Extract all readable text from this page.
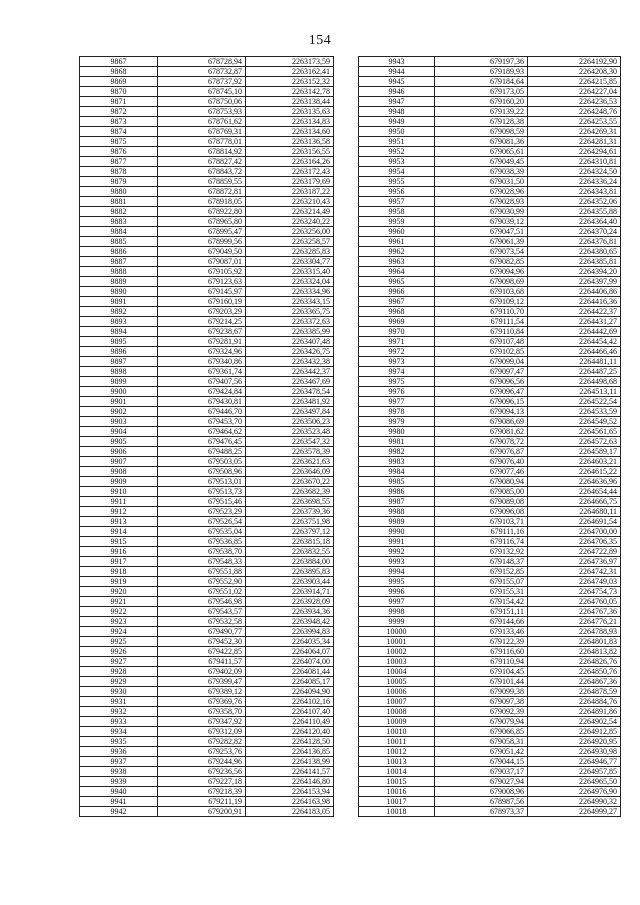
154
9867	678728,94	2263173,59
9868	678732,87	2263162,41
9869	678737,92	2263152,32
9870	678745,10	2263142,78
9871	678750,06	2263138,44
9872	678753,93	2263135,63
9873	678761,62	2263134,83
9874	678769,31	2263134,60
9875	678778,01	2263136,58
9876	678814,92	2263156,55
9877	678827,42	2263164,26
9878	678843,72	2263172,43
9879	678859,55	2263179,69
9880	678872,81	2263187,22
9881	678918,05	2263210,43
9882	678922,80	2263214,49
9883	678965,80	2263240,22
9884	678995,47	2263256,00
9885	678999,56	2263258,57
9886	679049,50	2263285,83
9887	679087,01	2263304,77
9888	679105,92	2263315,40
9889	679123,63	2263324,04
9890	679145,97	2263334,96
9891	679160,19	2263343,15
9892	679203,29	2263365,75
9893	679214,25	2263372,63
9894	679238,67	2263385,99
9895	679281,91	2263407,48
9896	679324,96	2263426,75
9897	679340,86	2263432,38
9898	679361,74	2263442,37
9899	679407,56	2263467,69
9900	679424,84	2263478,54
9901	679430,81	2263481,92
9902	679446,70	2263497,84
9903	679453,70	2263506,23
9904	679464,62	2263523,48
9905	679476,45	2263547,32
9906	679488,25	2263578,39
9907	679503,05	2263621,63
9908	679508,96	2263646,09
9909	679513,01	2263670,22
9910	679513,73	2263682,39
9911	679515,46	2263698,55
9912	679523,29	2263739,36
9913	679526,54	2263751,98
9914	679535,04	2263797,12
9915	679536,85	2263815,18
9916	679538,70	2263832,55
9917	679548,33	2263884,00
9918	679551,88	2263895,83
9919	679552,90	2263903,44
9920	679551,02	2263914,71
9921	679546,98	2263928,09
9922	679543,57	2263934,36
9923	679532,58	2263948,42
9924	679490,77	2263994,83
9925	679452,30	2264035,34
9926	679422,85	2264064,07
9927	679411,57	2264074,00
9928	679402,09	2264081,44
9929	679399,47	2264085,17
9930	679389,12	2264094,90
9931	679369,76	2264102,16
9932	679358,70	2264107,40
9933	679347,92	2264110,49
9934	679312,09	2264120,40
9935	679282,82	2264128,50
9936	679253,76	2264136,85
9937	679244,96	2264138,99
9938	679236,56	2264141,57
9939	679227,18	2264146,80
9940	679218,39	2264153,94
9941	679211,19	2264163,98
9942	679200,91	2264183,05
9943	679197,36	2264192,90
9944	679189,93	2264208,30
9945	679184,64	2264215,85
9946	679173,05	2264227,04
9947	679160,20	2264236,53
9948	679139,22	2264248,76
9949	679128,38	2264253,55
9950	679098,59	2264269,31
9951	679081,36	2264281,31
9952	679065,61	2264294,61
9953	679049,45	2264310,81
9954	679038,39	2264324,50
9955	679031,50	2264336,24
9956	679028,96	2264343,81
9957	679028,93	2264352,06
9958	679030,99	2264355,88
9959	679039,12	2264364,40
9960	679047,51	2264370,24
9961	679061,39	2264376,81
9962	679073,54	2264380,65
9963	679082,85	2264385,81
9964	679094,96	2264394,20
9965	679098,69	2264397,99
9966	679103,68	2264406,86
9967	679109,12	2264416,36
9968	679110,70	2264422,37
9969	679111,54	2264431,27
9970	679110,84	2264442,69
9971	679107,48	2264454,42
9972	679102,85	2264466,46
9973	679099,04	2264481,11
9974	679097,47	2264487,25
9975	679096,56	2264498,68
9976	679096,47	2264513,11
9977	679096,15	2264522,54
9978	679094,13	2264533,59
9979	679086,69	2264549,52
9980	679081,62	2264561,65
9981	679078,72	2264572,63
9982	679076,87	2264589,17
9983	679076,40	2264603,21
9984	679077,46	2264615,22
9985	679080,94	2264636,96
9986	679085,00	2264654,44
9987	679089,08	2264666,75
9988	679096,08	2264680,11
9989	679103,71	2264691,54
9990	679111,16	2264700,00
9991	679116,74	2264706,35
9992	679132,92	2264722,89
9993	679148,37	2264736,97
9994	679152,85	2264742,31
9995	679155,07	2264749,03
9996	679155,31	2264754,73
9997	679154,42	2264760,05
9998	679151,11	2264767,36
9999	679144,66	2264776,21
10000	679133,46	2264788,93
10001	679122,39	2264801,83
10002	679116,60	2264813,82
10003	679110,94	2264826,76
10004	679104,45	2264850,76
10005	679101,44	2264867,36
10006	679099,38	2264878,59
10007	679097,38	2264884,76
10008	679092,39	2264891,86
10009	679079,94	2264902,54
10010	679066,85	2264912,85
10011	679058,31	2264920,95
10012	679051,42	2264930,98
10013	679044,15	2264946,77
10014	679037,17	2264957,85
10015	679027,94	2264965,50
10016	679008,96	2264976,90
10017	678987,56	2264990,32
10018	678973,37	2264999,27
